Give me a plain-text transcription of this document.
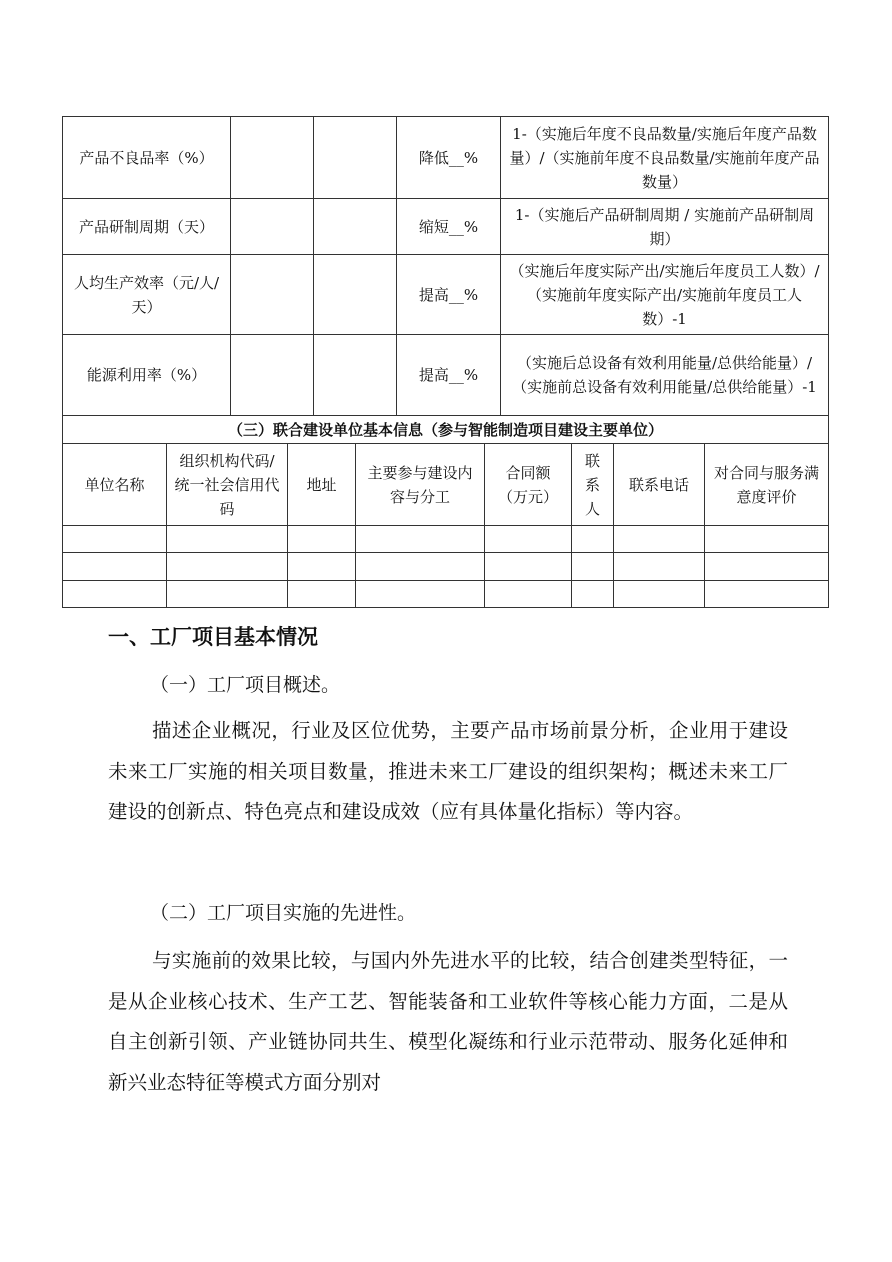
产品不良品率（%）			降低__%	1-（实施后年度不良品数量/实施后年度产品数量）/（实施前年度不良品数量/实施前年度产品数量）
产品研制周期（天）			缩短__%	1-（实施后产品研制周期 / 实施前产品研制周期）
人均生产效率（元/人/天）			提高__%	（实施后年度实际产出/实施后年度员工人数）/（实施前年度实际产出/实施前年度员工人数）-1
能源利用率（%）			提高__%	（实施后总设备有效利用能量/总供给能量）/（实施前总设备有效利用能量/总供给能量）-1
（三）联合建设单位基本信息（参与智能制造项目建设主要单位）							
单位名称	组织机构代码/统一社会信用代码	地址	主要参与建设内容与分工	合同额（万元）	联系人	联系电话	对合同与服务满意度评价

一、工厂项目基本情况
（一）工厂项目概述。

描述企业概况，行业及区位优势，主要产品市场前景分析，企业用于建设未来工厂实施的相关项目数量，推进未来工厂建设的组织架构；概述未来工厂建设的创新点、特色亮点和建设成效（应有具体量化指标）等内容。

（二）工厂项目实施的先进性。

与实施前的效果比较，与国内外先进水平的比较，结合创建类型特征，一是从企业核心技术、生产工艺、智能装备和工业软件等核心能力方面，二是从自主创新引领、产业链协同共生、模型化凝练和行业示范带动、服务化延伸和新兴业态特征等模式方面分别对
